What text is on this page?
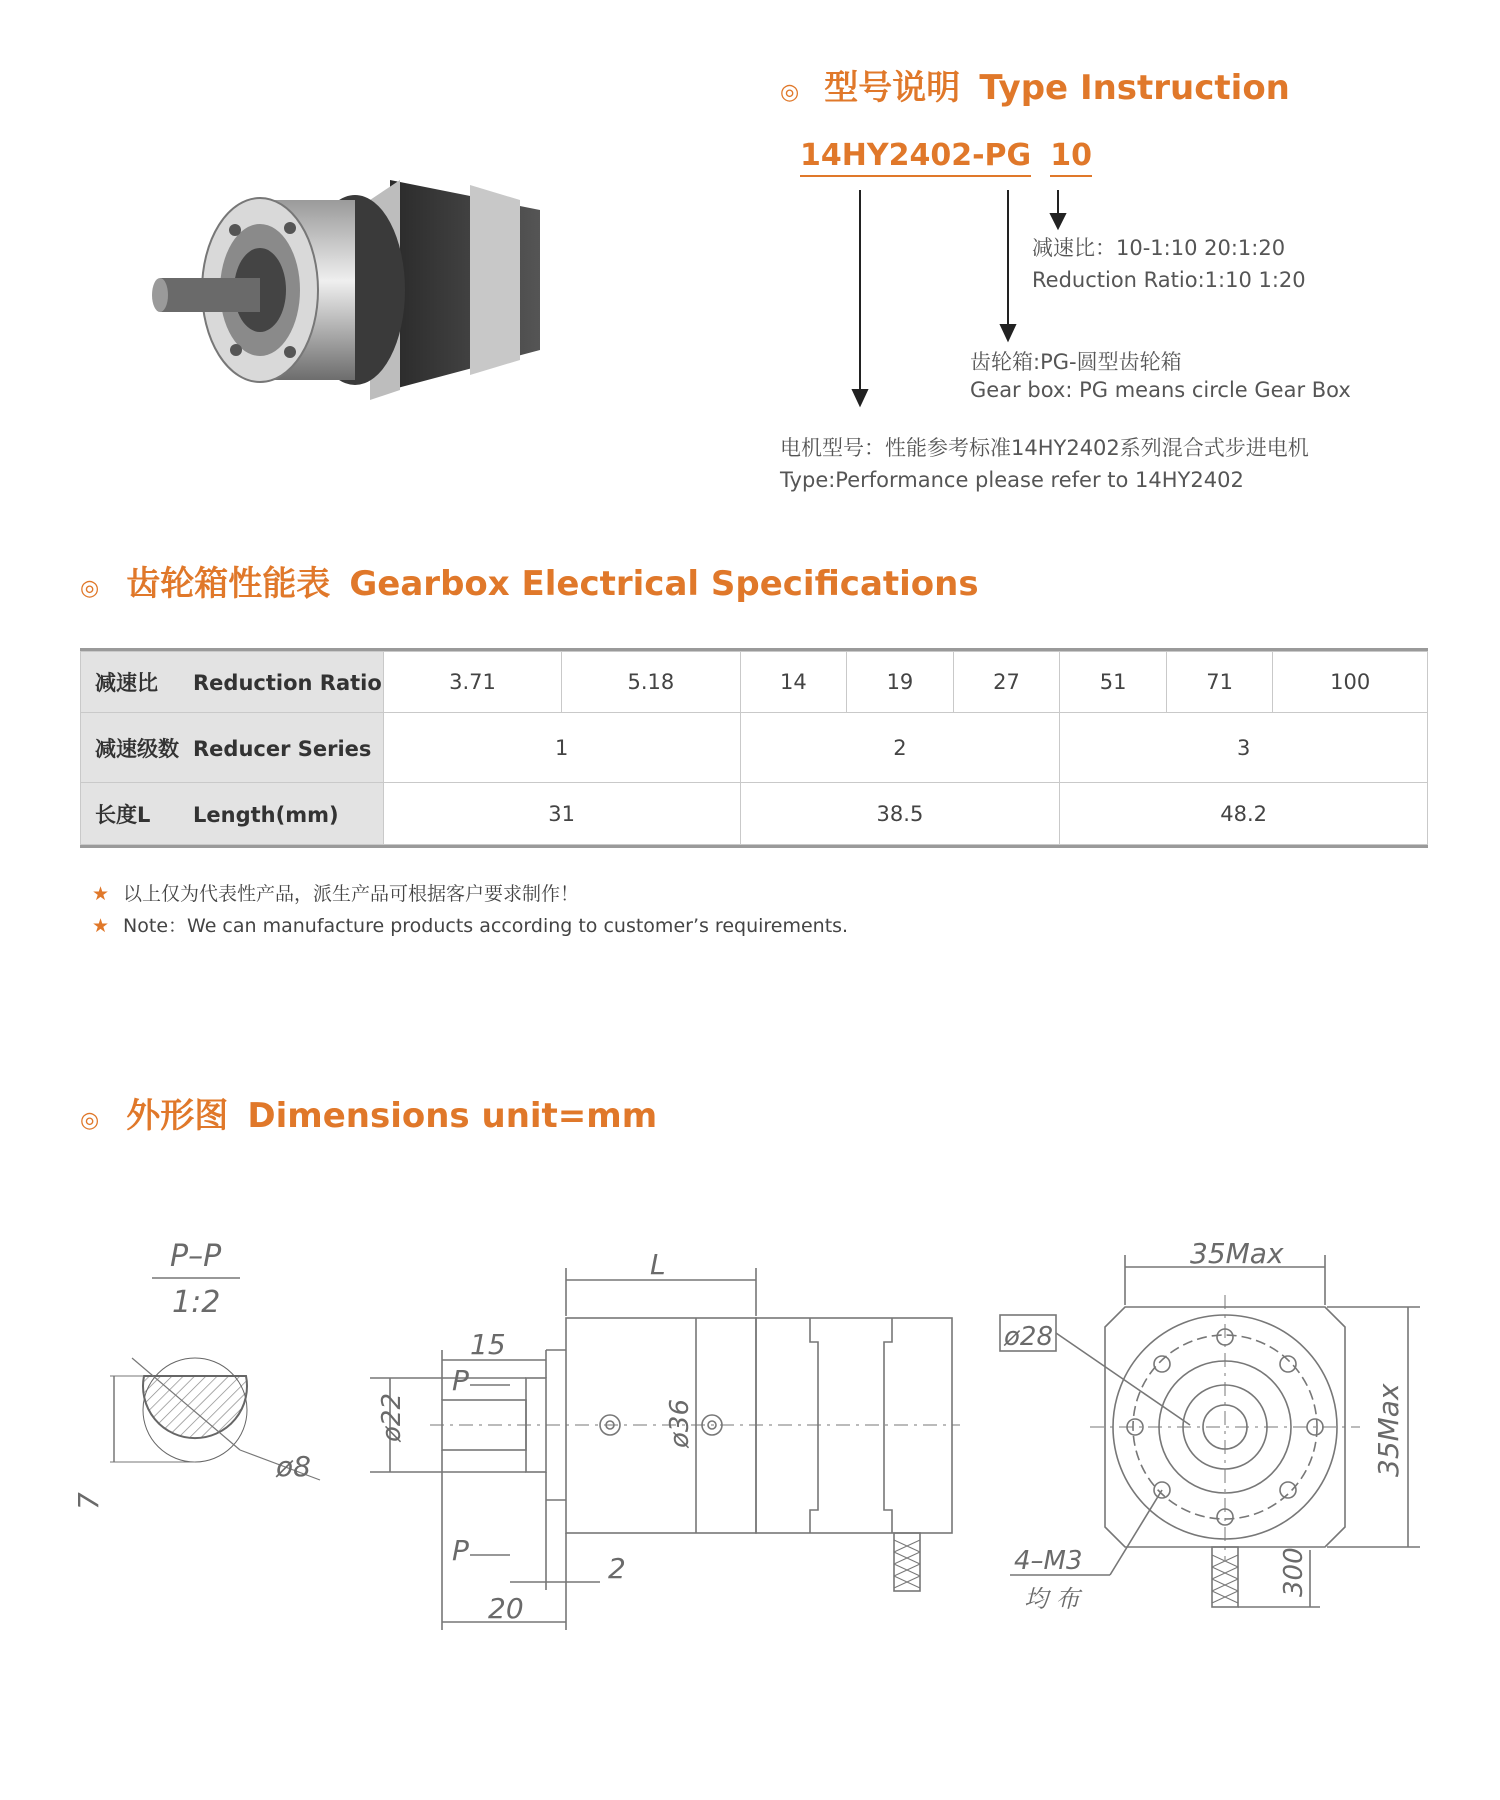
◎ 型号说明 Type Instruction
14HY2402-PG 10
减速比：10-1:10 20:1:20
Reduction Ratio:1:10 1:20
齿轮箱:PG-圆型齿轮箱
Gear box: PG means circle Gear Box
电机型号：性能参考标准14HY2402系列混合式步进电机
Type:Performance please refer to 14HY2402
◎ 齿轮箱性能表 Gearbox Electrical Specifications
减速比 Reduction Ratio	3.71	5.18	14	19	27	51	71	100
减速级数 Reducer Series	1		2			3		
长度L Length(mm)	31		38.5			48.2		
★ 以上仅为代表性产品，派生产品可根据客户要求制作！
★ Note：We can manufacture products according to customer’s requirements.
◎ 外形图 Dimensions unit=mm
P–P
1:2
ø8
7
L
15
ø22	ø36
P
P
2
20
35Max
35Max
ø28
4–M3
均 布
300
